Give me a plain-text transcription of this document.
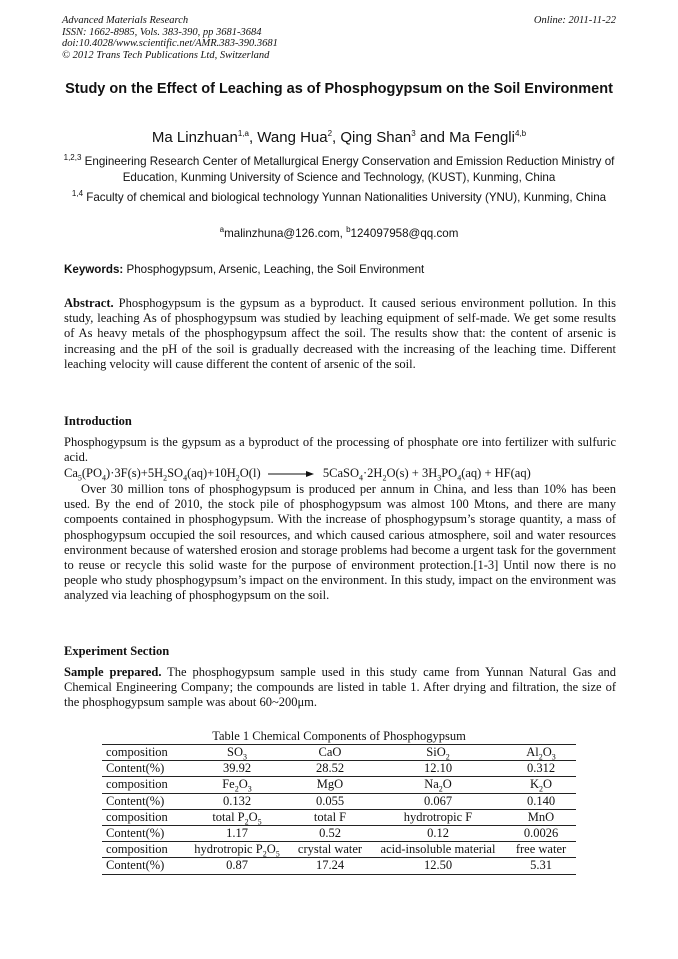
Advanced Materials Research
ISSN: 1662-8985, Vols. 383-390, pp 3681-3684
doi:10.4028/www.scientific.net/AMR.383-390.3681
© 2012 Trans Tech Publications Ltd, Switzerland
Online: 2011-11-22
Study on the Effect of Leaching as of Phosphogypsum on the Soil Environment
Ma Linzhuan$^{1,a}$, Wang Hua$^2$, Qing Shan$^3$ and Ma Fengli$^{4,b}$
$^{1,2,3}$ Engineering Research Center of Metallurgical Energy Conservation and Emission Reduction Ministry of Education, Kunming University of Science and Technology, (KUST), Kunming, China
$^{1,4}$ Faculty of chemical and biological technology Yunnan Nationalities University (YNU), Kunming, China
$^a$malinzhuna@126.com, $^b$124097958@qq.com
Keywords: Phosphogypsum, Arsenic, Leaching, the Soil Environment
Abstract. Phosphogypsum is the gypsum as a byproduct. It caused serious environment pollution. In this study, leaching As of phosphogypsum was studied by leaching equipment of self-made. We get some results of As heavy metals of the phosphogypsum affect the soil. The results show that: the content of arsenic is increasing and the pH of the soil is gradually decreased with the increasing of the leaching time. Different leaching velocity will cause different the content of arsenic of the soil.
Introduction
Phosphogypsum is the gypsum as a byproduct of the processing of phosphate ore into fertilizer with sulfuric acid.
$Ca_5(PO_4)\cdot 3F(s)+5H_2SO_4(aq)+10H_2O(l)$ → $5CaSO_4\cdot 2H_2O(s) + 3H_3PO_4(aq) + HF(aq)$
Over 30 million tons of phosphogypsum is produced per annum in China, and less than 10% has been used. By the end of 2010, the stock pile of phosphogypsum was almost 100 Mtons, and there are many compoents contained in phosphogypsum. With the increase of phosphogypsum’s storage quantity, a mass of phosphogypsum occupied the soil resources, and which caused carious atmosphere, soil and water resources environment because of watershed erosion and storage problems had become a urgent task for the government to reuse or recycle this solid waste for the purpose of environment protection.[1-3] Until now there is no people who study phosphogypsum’s impact on the environment. In this study, impact on the environment was analyzed via leaching of phosphogypsum on the soil.
Experiment Section
Sample prepared. The phosphogypsum sample used in this study came from Yunnan Natural Gas and Chemical Engineering Company; the compounds are listed in table 1. After drying and filtration, the size of the phosphogypsum sample was about 60~200μm.
Table 1 Chemical Components of Phosphogypsum
composition	$SO_3$	CaO	SiO$_2$	$Al_2O_3$
Content(%)	39.92	28.52	12.10	0.312
composition	$Fe_2O_3$	MgO	$Na_2O$	$K_2O$
Content(%)	0.132	0.055	0.067	0.140
composition	total $P_2O_5$	total F	hydrotropic F	MnO
Content(%)	1.17	0.52	0.12	0.0026
composition	hydrotropic $P_2O_5$	crystal water	acid-insoluble material	free water
Content(%)	0.87	17.24	12.50	5.31
